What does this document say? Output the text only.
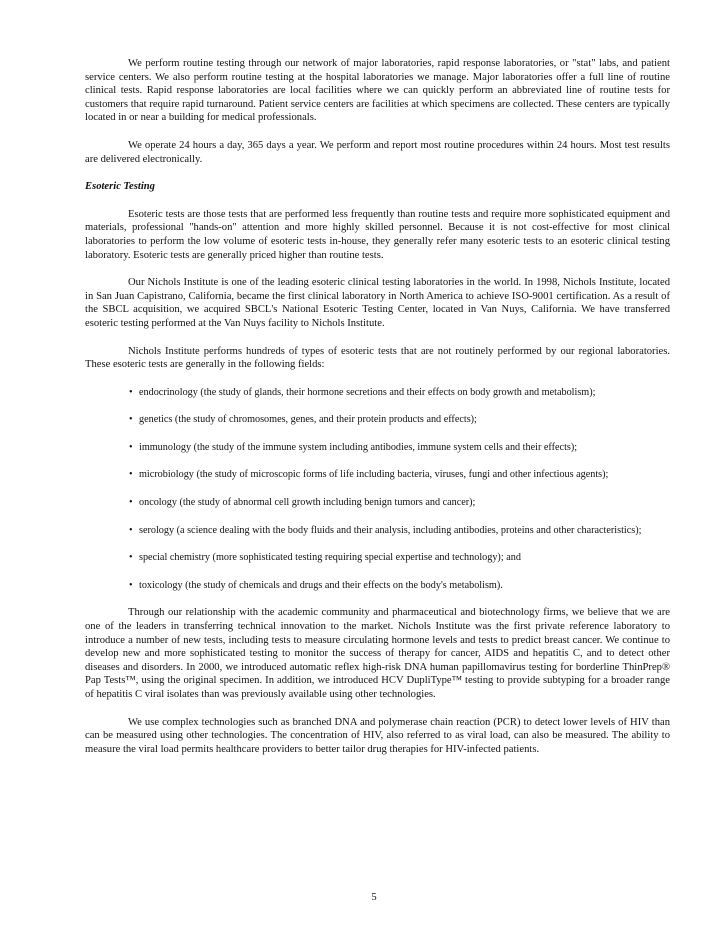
We perform routine testing through our network of major laboratories, rapid response laboratories, or "stat" labs, and patient service centers. We also perform routine testing at the hospital laboratories we manage. Major laboratories offer a full line of routine clinical tests. Rapid response laboratories are local facilities where we can quickly perform an abbreviated line of routine tests for customers that require rapid turnaround. Patient service centers are facilities at which specimens are collected. These centers are typically located in or near a building for medical professionals.

We operate 24 hours a day, 365 days a year. We perform and report most routine procedures within 24 hours. Most test results are delivered electronically.

Esoteric Testing

Esoteric tests are those tests that are performed less frequently than routine tests and require more sophisticated equipment and materials, professional "hands-on" attention and more highly skilled personnel. Because it is not cost-effective for most clinical laboratories to perform the low volume of esoteric tests in-house, they generally refer many esoteric tests to an esoteric clinical testing laboratory. Esoteric tests are generally priced higher than routine tests.

Our Nichols Institute is one of the leading esoteric clinical testing laboratories in the world. In 1998, Nichols Institute, located in San Juan Capistrano, California, became the first clinical laboratory in North America to achieve ISO-9001 certification. As a result of the SBCL acquisition, we acquired SBCL's National Esoteric Testing Center, located in Van Nuys, California. We have transferred esoteric testing performed at the Van Nuys facility to Nichols Institute.

Nichols Institute performs hundreds of types of esoteric tests that are not routinely performed by our regional laboratories. These esoteric tests are generally in the following fields:

• endocrinology (the study of glands, their hormone secretions and their effects on body growth and metabolism);
• genetics (the study of chromosomes, genes, and their protein products and effects);
• immunology (the study of the immune system including antibodies, immune system cells and their effects);
• microbiology (the study of microscopic forms of life including bacteria, viruses, fungi and other infectious agents);
• oncology (the study of abnormal cell growth including benign tumors and cancer);
• serology (a science dealing with the body fluids and their analysis, including antibodies, proteins and other characteristics);
• special chemistry (more sophisticated testing requiring special expertise and technology); and
• toxicology (the study of chemicals and drugs and their effects on the body's metabolism).

Through our relationship with the academic community and pharmaceutical and biotechnology firms, we believe that we are one of the leaders in transferring technical innovation to the market. Nichols Institute was the first private reference laboratory to introduce a number of new tests, including tests to measure circulating hormone levels and tests to predict breast cancer. We continue to develop new and more sophisticated testing to monitor the success of therapy for cancer, AIDS and hepatitis C, and to detect other diseases and disorders. In 2000, we introduced automatic reflex high-risk DNA human papillomavirus testing for borderline ThinPrep® Pap Tests™, using the original specimen. In addition, we introduced HCV DupliType™ testing to provide subtyping for a broader range of hepatitis C viral isolates than was previously available using other technologies.

We use complex technologies such as branched DNA and polymerase chain reaction (PCR) to detect lower levels of HIV than can be measured using other technologies. The concentration of HIV, also referred to as viral load, can also be measured. The ability to measure the viral load permits healthcare providers to better tailor drug therapies for HIV-infected patients.

5
